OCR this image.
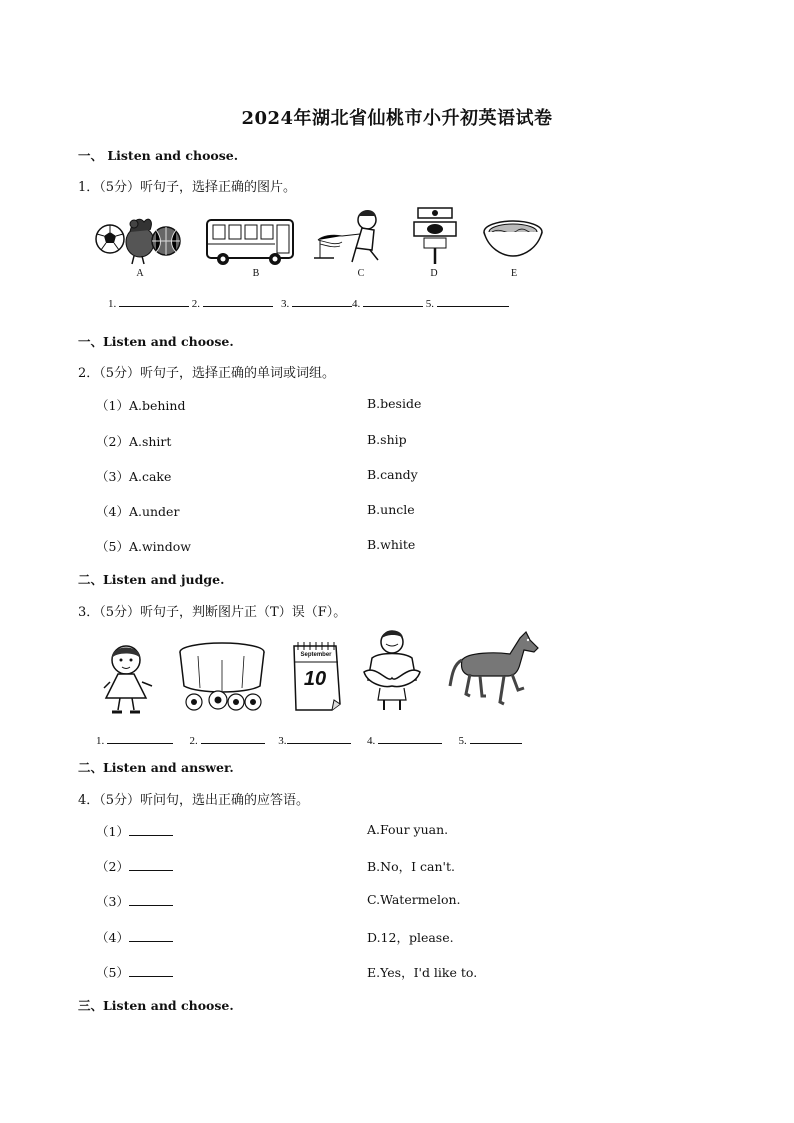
2024年湖北省仙桃市小升初英语试卷
一、 Listen and choose.
1．（5分）听句子，选择正确的图片。
A	B	C	D	E
1.	2.	3.	4.	5.
一、Listen and choose.
2．（5分）听句子，选择正确的单词或词组。
（1）A.behind	B.beside
（2）A.shirt	B.ship
（3）A.cake	B.candy
（4）A.under	B.uncle
（5）A.window	B.white
二、Listen and judge.
3．（5分）听句子，判断图片正（T）误（F）。
September
10
1.	2.	3.	4.	5.
二、Listen and answer.
4．（5分）听问句，选出正确的应答语。
（1）	A.Four yuan.
（2）	B.No，I can't.
（3）	C.Watermelon.
（4）	D.12，please.
（5）	E.Yes，I'd like to.
三、Listen and choose.
